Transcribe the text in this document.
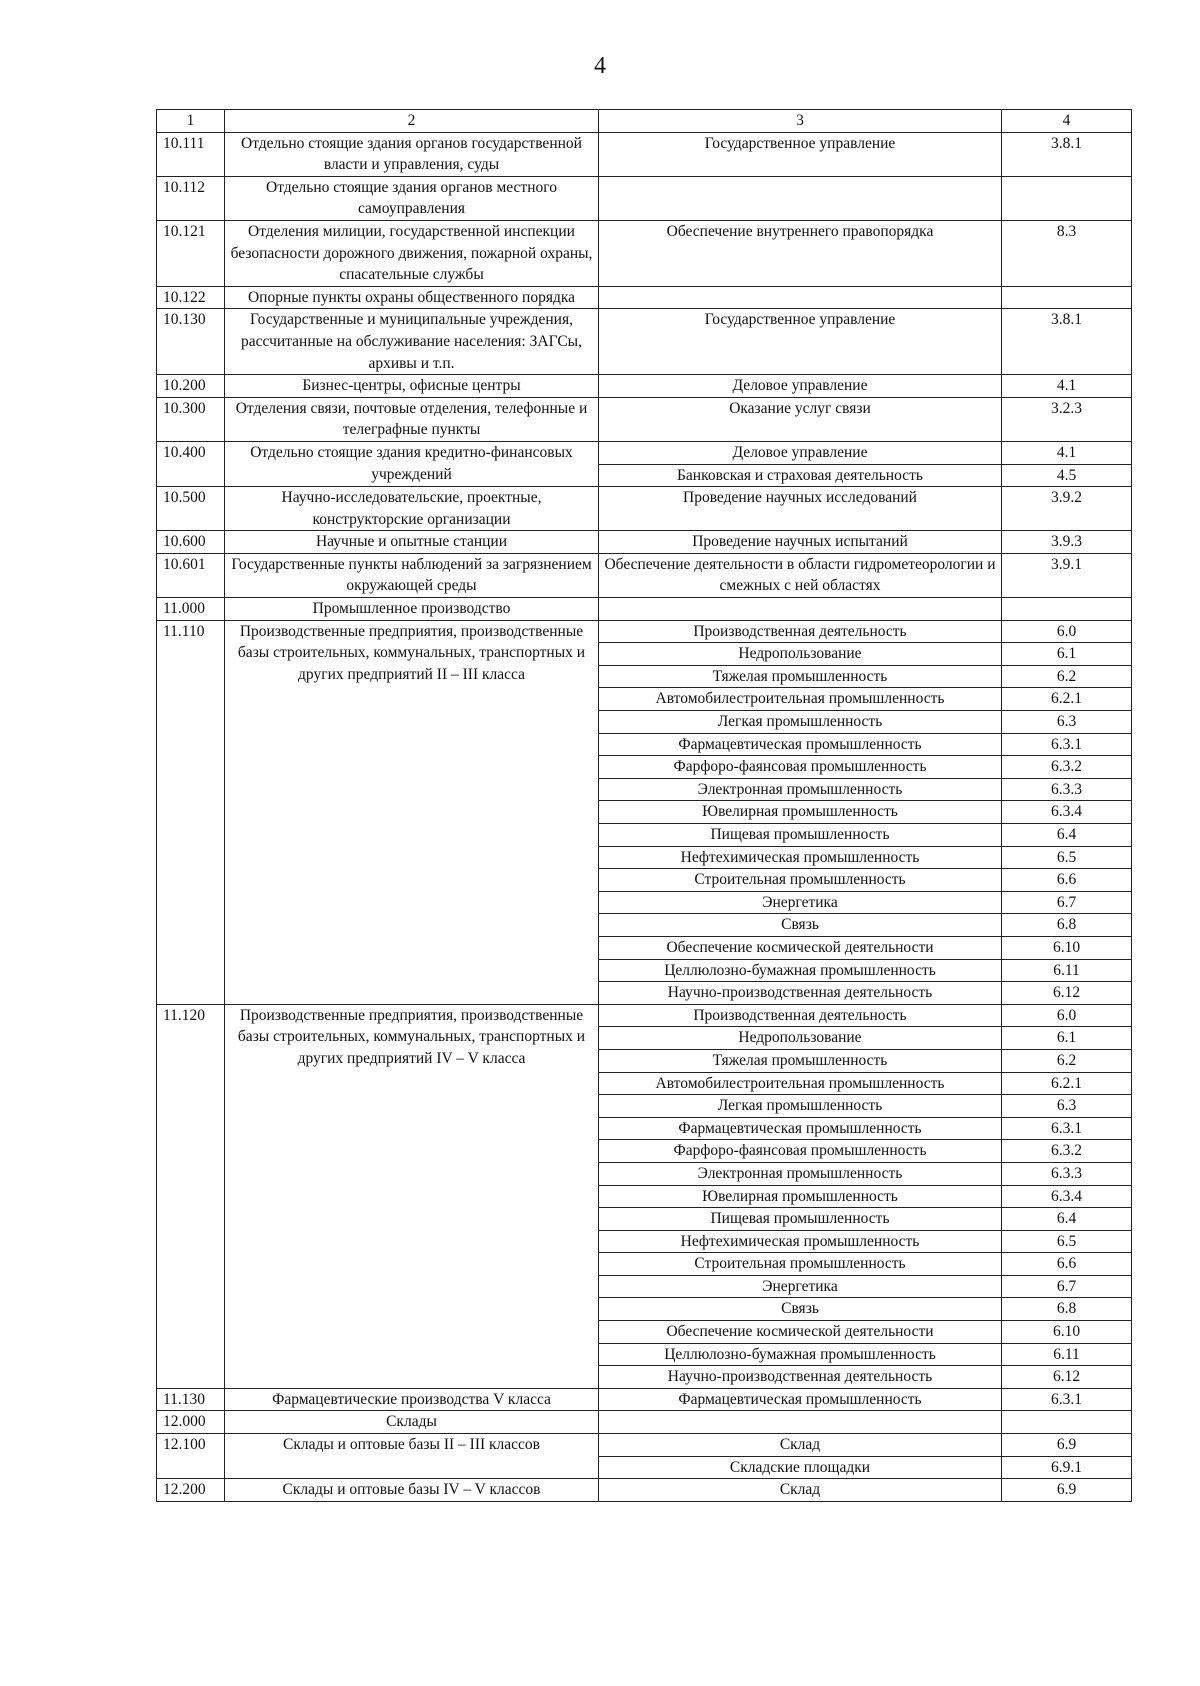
4
1	2	3	4
10.111	Отдельно стоящие здания органов государственной власти и управления, суды	Государственное управление	3.8.1
10.112	Отдельно стоящие здания органов местного самоуправления		
10.121	Отделения милиции, государственной инспекции безопасности дорожного движения, пожарной охраны, спасательные службы	Обеспечение внутреннего правопорядка	8.3
10.122	Опорные пункты охраны общественного порядка		
10.130	Государственные и муниципальные учреждения, рассчитанные на обслуживание населения: ЗАГСы, архивы и т.п.	Государственное управление	3.8.1
10.200	Бизнес-центры, офисные центры	Деловое управление	4.1
10.300	Отделения связи, почтовые отделения, телефонные и телеграфные пункты	Оказание услуг связи	3.2.3
10.400	Отдельно стоящие здания кредитно-финансовых учреждений	Деловое управление	4.1
		Банковская и страховая деятельность	4.5
10.500	Научно-исследовательские, проектные, конструкторские организации	Проведение научных исследований	3.9.2
10.600	Научные и опытные станции	Проведение научных испытаний	3.9.3
10.601	Государственные пункты наблюдений за загрязнением окружающей среды	Обеспечение деятельности в области гидрометеорологии и смежных с ней областях	3.9.1
11.000	Промышленное производство		
11.110	Производственные предприятия, производственные базы строительных, коммунальных, транспортных и других предприятий II – III класса	Производственная деятельность	6.0
		Недропользование	6.1
		Тяжелая промышленность	6.2
		Автомобилестроительная промышленность	6.2.1
		Легкая промышленность	6.3
		Фармацевтическая промышленность	6.3.1
		Фарфоро-фаянсовая промышленность	6.3.2
		Электронная промышленность	6.3.3
		Ювелирная промышленность	6.3.4
		Пищевая промышленность	6.4
		Нефтехимическая промышленность	6.5
		Строительная промышленность	6.6
		Энергетика	6.7
		Связь	6.8
		Обеспечение космической деятельности	6.10
		Целлюлозно-бумажная промышленность	6.11
		Научно-производственная деятельность	6.12
11.120	Производственные предприятия, производственные базы строительных, коммунальных, транспортных и других предприятий IV – V класса	Производственная деятельность	6.0
		Недропользование	6.1
		Тяжелая промышленность	6.2
		Автомобилестроительная промышленность	6.2.1
		Легкая промышленность	6.3
		Фармацевтическая промышленность	6.3.1
		Фарфоро-фаянсовая промышленность	6.3.2
		Электронная промышленность	6.3.3
		Ювелирная промышленность	6.3.4
		Пищевая промышленность	6.4
		Нефтехимическая промышленность	6.5
		Строительная промышленность	6.6
		Энергетика	6.7
		Связь	6.8
		Обеспечение космической деятельности	6.10
		Целлюлозно-бумажная промышленность	6.11
		Научно-производственная деятельность	6.12
11.130	Фармацевтические производства V класса	Фармацевтическая промышленность	6.3.1
12.000	Склады		
12.100	Склады и оптовые базы II – III классов	Склад	6.9
		Складские площадки	6.9.1
12.200	Склады и оптовые базы IV – V классов	Склад	6.9
